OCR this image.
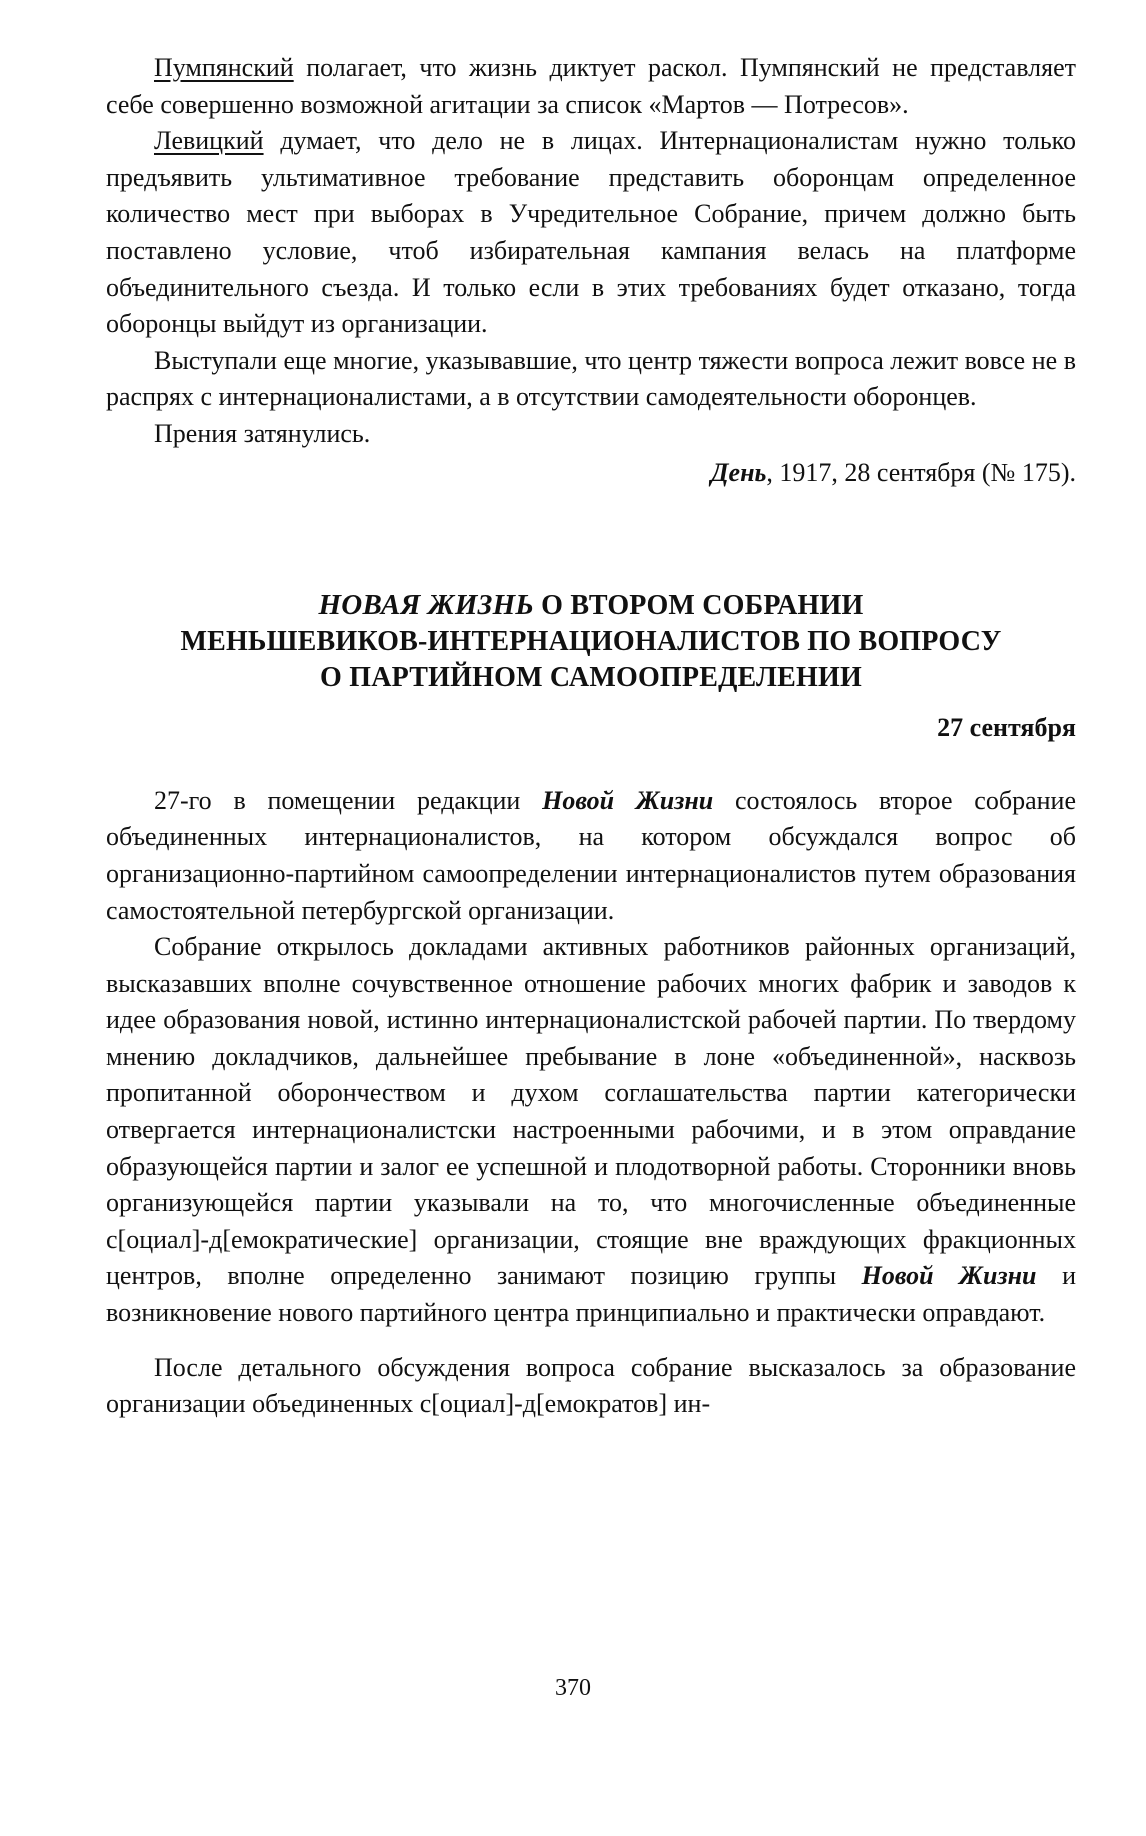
Пумпянский полагает, что жизнь диктует раскол. Пумпянский не представляет себе совершенно возможной агитации за список «Мартов — Потресов».

Левицкий думает, что дело не в лицах. Интернационалистам нужно только предъявить ультимативное требование представить оборонцам определенное количество мест при выборах в Учредительное Собрание, причем должно быть поставлено условие, чтоб избирательная кампания велась на платформе объединительного съезда. И только если в этих требованиях будет отказано, тогда оборонцы выйдут из организации.

Выступали еще многие, указывавшие, что центр тяжести вопроса лежит вовсе не в распрях с интернационалистами, а в отсутствии самодеятельности оборонцев.

Прения затянулись.

День, 1917, 28 сентября (№ 175).
НОВАЯ ЖИЗНЬ О ВТОРОМ СОБРАНИИ
МЕНЬШЕВИКОВ-ИНТЕРНАЦИОНАЛИСТОВ ПО ВОПРОСУ
О ПАРТИЙНОМ САМООПРЕДЕЛЕНИИ
27 сентября

27-го в помещении редакции Новой Жизни состоялось второе собрание объединенных интернационалистов, на котором обсуждался вопрос об организационно-партийном самоопределении интернационалистов путем образования самостоятельной петербургской организации.

Собрание открылось докладами активных работников районных организаций, высказавших вполне сочувственное отношение рабочих многих фабрик и заводов к идее образования новой, истинно интернационалистской рабочей партии. По твердому мнению докладчиков, дальнейшее пребывание в лоне «объединенной», насквозь пропитанной оборончеством и духом соглашательства партии категорически отвергается интернационалистски настроенными рабочими, и в этом оправдание образующейся партии и залог ее успешной и плодотворной работы. Сторонники вновь организующейся партии указывали на то, что многочисленные объединенные с[оциал]-д[емократические] организации, стоящие вне враждующих фракционных центров, вполне определенно занимают позицию группы Новой Жизни и возникновение нового партийного центра принципиально и практически оправдают.

После детального обсуждения вопроса собрание высказалось за образование организации объединенных с[оциал]-д[емократов] ин-

370
